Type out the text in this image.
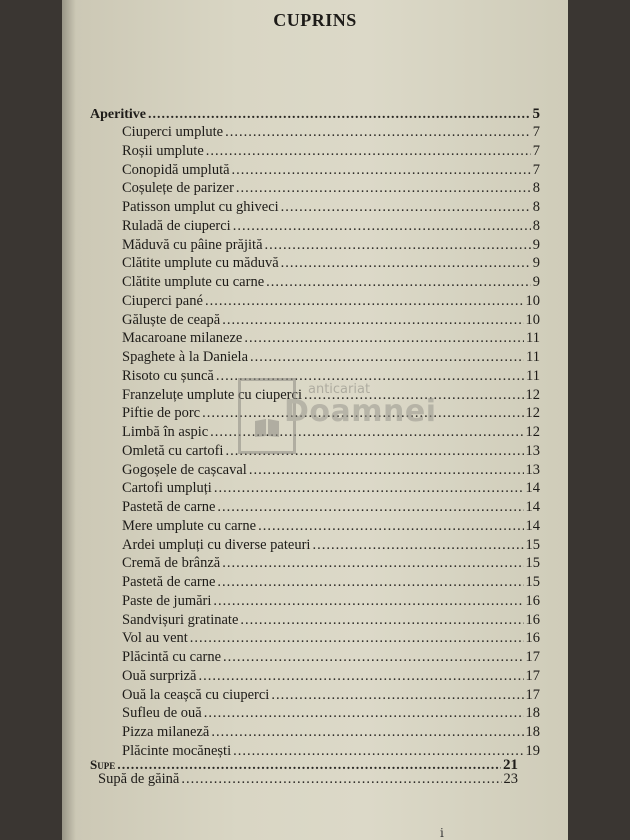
CUPRINS
Aperitive .....	5
Ciuperci umplute .....	7
Roșii umplute .....	7
Conopidă umplută .....	7
Coșulețe de parizer .....	8
Patisson umplut cu ghiveci .....	8
Ruladă de ciuperci .....	8
Măduvă cu pâine prăjită .....	9
Clătite umplute cu măduvă .....	9
Clătite umplute cu carne .....	9
Ciuperci pané .....	10
Găluște de ceapă .....	10
Macaroane milaneze .....	11
Spaghete à la Daniela .....	11
Risoto cu șuncă .....	11
Franzeluțe umplute cu ciuperci .....	12
Piftie de porc .....	12
Limbă în aspic .....	12
Omletă cu cartofi .....	13
Gogoșele de cașcaval .....	13
Cartofi umpluți .....	14
Pastetă de carne .....	14
Mere umplute cu carne .....	14
Ardei umpluți cu diverse pateuri .....	15
Cremă de brânză .....	15
Pastetă de carne .....	15
Paste de jumări .....	16
Sandvișuri gratinate .....	16
Vol au vent .....	16
Plăcintă cu carne .....	17
Ouă surpriză .....	17
Ouă la ceașcă cu ciuperci .....	17
Sufleu de ouă .....	18
Pizza milaneză .....	18
Plăcinte mocănești .....	19
Supe .....	21
Supă de găină .....	23
anticariat
Doamnei
ⅰ
